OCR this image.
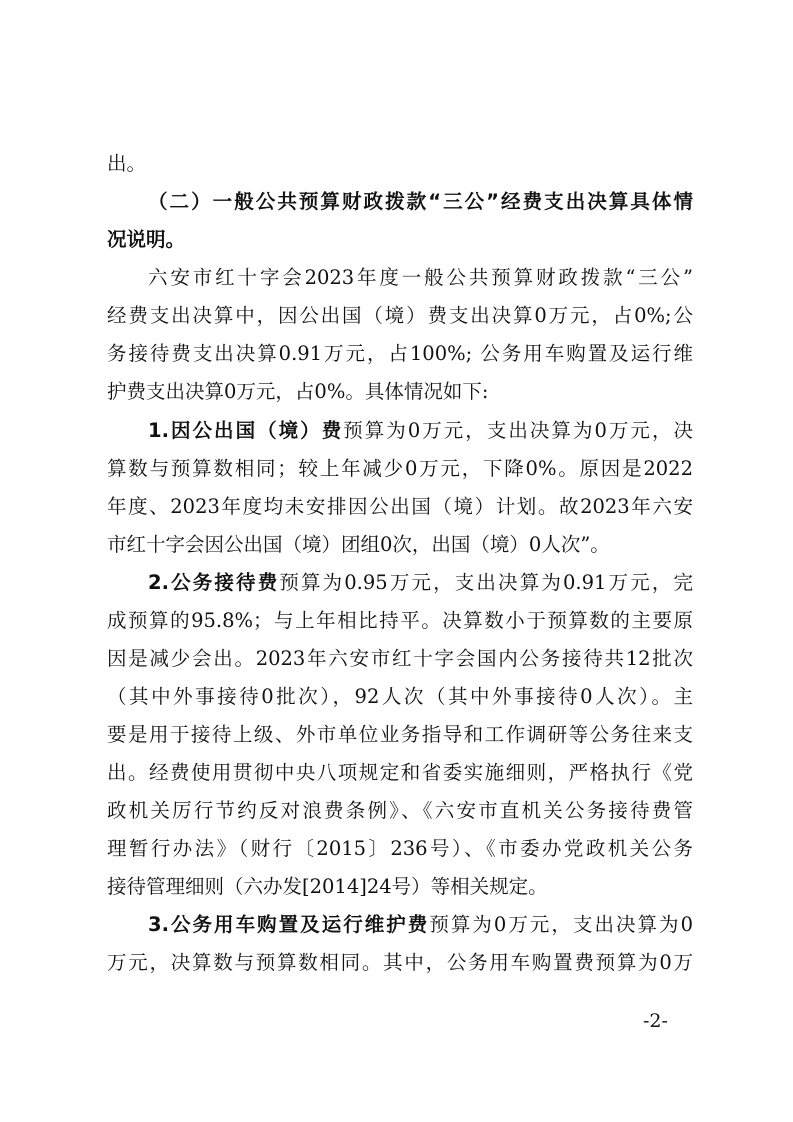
出。
（二）一般公共预算财政拨款“三公”经费支出决算具体情
况说明。
六安市红十字会2023年度一般公共预算财政拨款“三公”
经费支出决算中，因公出国（境）费支出决算0万元，占0%;公
务接待费支出决算0.91万元，占100%; 公务用车购置及运行维
护费支出决算0万元，占0%。具体情况如下:
1.因公出国（境）费预算为0万元，支出决算为0万元，决
算数与预算数相同；较上年减少0万元，下降0%。原因是2022
年度、2023年度均未安排因公出国（境）计划。故2023年六安
市红十字会因公出国（境）团组0次，出国（境）0人次”。
2.公务接待费预算为0.95万元，支出决算为0.91万元，完
成预算的95.8%；与上年相比持平。决算数小于预算数的主要原
因是减少会出。2023年六安市红十字会国内公务接待共12批次
（其中外事接待0批次），92人次（其中外事接待0人次）。主
要是用于接待上级、外市单位业务指导和工作调研等公务往来支
出。经费使用贯彻中央八项规定和省委实施细则，严格执行《党
政机关厉行节约反对浪费条例》、《六安市直机关公务接待费管
理暂行办法》（财行〔2015〕236号）、《市委办党政机关公务
接待管理细则（六办发[2014]24号）等相关规定。
3.公务用车购置及运行维护费预算为0万元，支出决算为0
万元，决算数与预算数相同。其中，公务用车购置费预算为0万
-2-
